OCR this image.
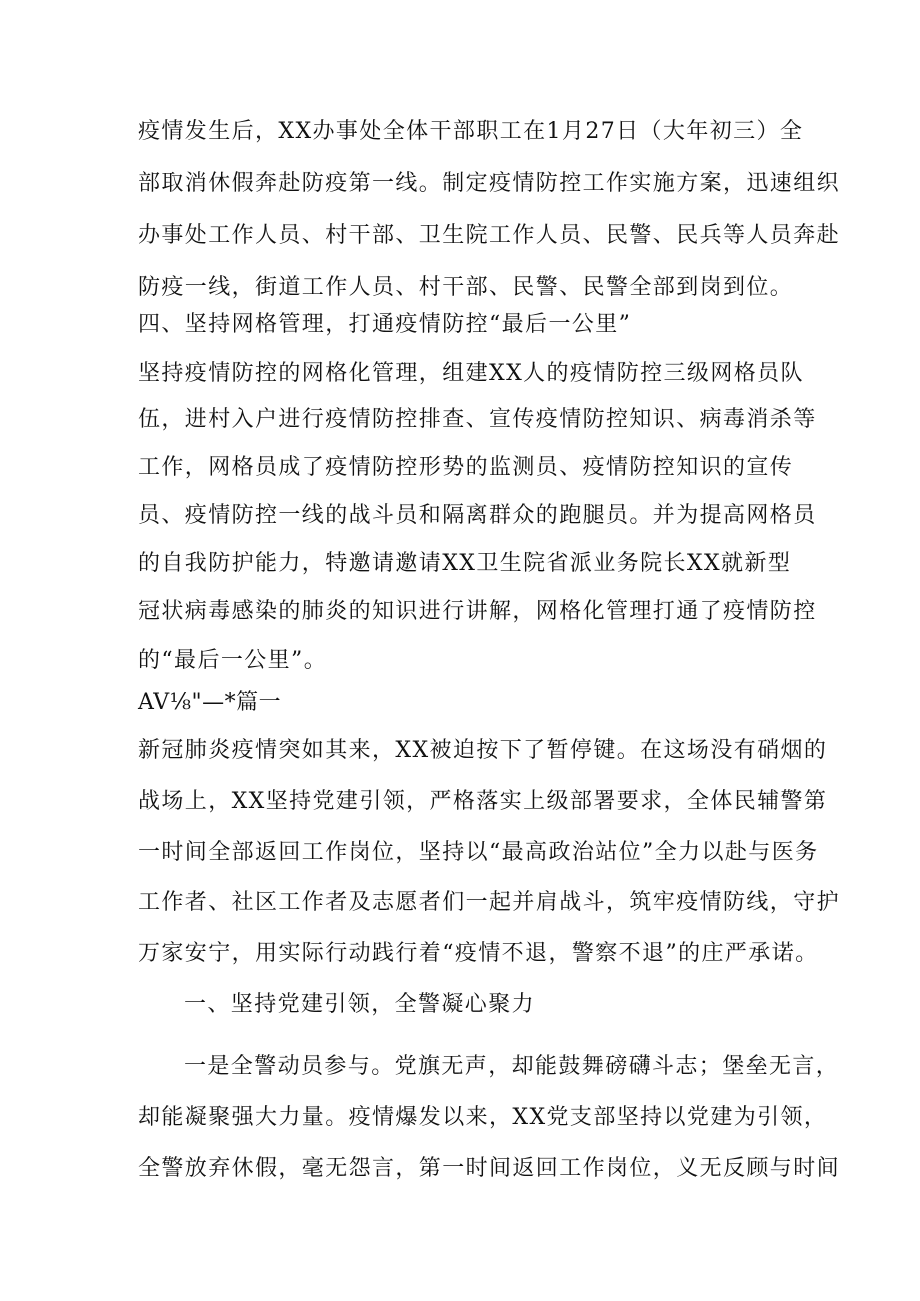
疫情发生后，XX办事处全体干部职工在1月27日（大年初三）全
部取消休假奔赴防疫第一线。制定疫情防控工作实施方案，迅速组织
办事处工作人员、村干部、卫生院工作人员、民警、民兵等人员奔赴
防疫一线，街道工作人员、村干部、民警、民警全部到岗到位。
四、坚持网格管理，打通疫情防控“最后一公里”
坚持疫情防控的网格化管理，组建XX人的疫情防控三级网格员队
伍，进村入户进行疫情防控排查、宣传疫情防控知识、病毒消杀等
工作，网格员成了疫情防控形势的监测员、疫情防控知识的宣传
员、疫情防控一线的战斗员和隔离群众的跑腿员。并为提高网格员
的自我防护能力，特邀请邀请XX卫生院省派业务院长XX就新型
冠状病毒感染的肺炎的知识进行讲解，网格化管理打通了疫情防控
的“最后一公里”。
AV⅛"—*篇一
新冠肺炎疫情突如其来，XX被迫按下了暂停键。在这场没有硝烟的
战场上，XX坚持党建引领，严格落实上级部署要求，全体民辅警第
一时间全部返回工作岗位，坚持以“最高政治站位”全力以赴与医务
工作者、社区工作者及志愿者们一起并肩战斗，筑牢疫情防线，守护
万家安宁，用实际行动践行着“疫情不退，警察不退”的庄严承诺。
一、坚持党建引领，全警凝心聚力
一是全警动员参与。党旗无声，却能鼓舞磅礴斗志；堡垒无言，
却能凝聚强大力量。疫情爆发以来，XX党支部坚持以党建为引领，
全警放弃休假，毫无怨言，第一时间返回工作岗位，义无反顾与时间
